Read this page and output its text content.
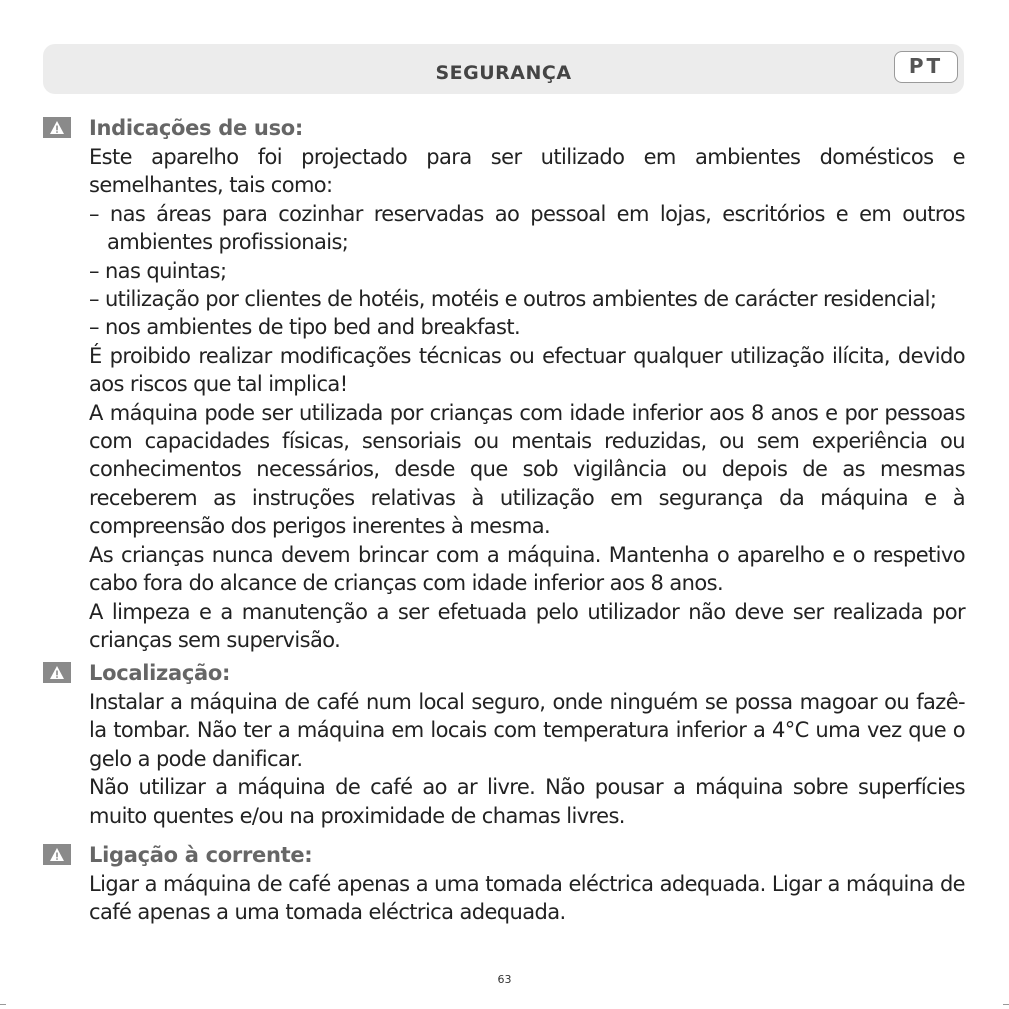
SEGURANÇA	PT
Indicações de uso:
Este aparelho foi projectado para ser utilizado em ambientes domésticos e semelhantes, tais como:
– nas áreas para cozinhar reservadas ao pessoal em lojas, escritórios e em outros ambientes profissionais;
– nas quintas;
– utilização por clientes de hotéis, motéis e outros ambientes de carácter residencial;
– nos ambientes de tipo bed and breakfast.
É proibido realizar modificações técnicas ou efectuar qualquer utilização ilícita, devido aos riscos que tal implica!
A máquina pode ser utilizada por crianças com idade inferior aos 8 anos e por pessoas com capacidades físicas, sensoriais ou mentais reduzidas, ou sem experiência ou conhecimentos necessários, desde que sob vigilância ou depois de as mesmas receberem as instruções relativas à utilização em segurança da máquina e à compreensão dos perigos inerentes à mesma.
As crianças nunca devem brincar com a máquina. Mantenha o aparelho e o respetivo cabo fora do alcance de crianças com idade inferior aos 8 anos.
A limpeza e a manutenção a ser efetuada pelo utilizador não deve ser realizada por crianças sem supervisão.
Localização:
Instalar a máquina de café num local seguro, onde ninguém se possa magoar ou fazê-la tombar. Não ter a máquina em locais com temperatura inferior a 4°C uma vez que o gelo a pode danificar.
Não utilizar a máquina de café ao ar livre. Não pousar a máquina sobre superfícies muito quentes e/ou na proximidade de chamas livres.
Ligação à corrente:
Ligar a máquina de café apenas a uma tomada eléctrica adequada. Ligar a máquina de café apenas a uma tomada eléctrica adequada.
63
